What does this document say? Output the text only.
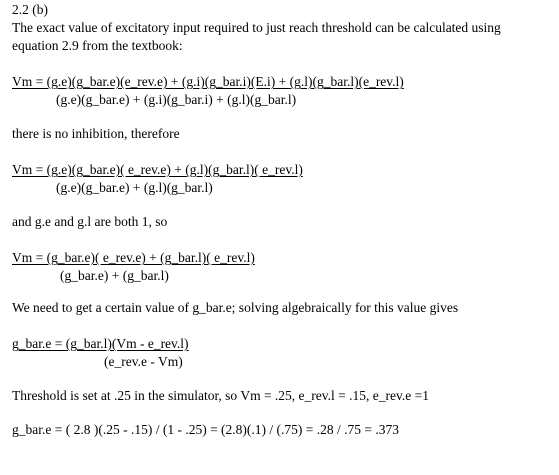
2.2 (b)
The exact value of excitatory input required to just reach threshold can be calculated using
equation 2.9 from the textbook:
Vm = (g.e)(g_bar.e)(e_rev.e) + (g.i)(g_bar.i)(E.i) + (g.l)(g_bar.l)(e_rev.l)
(g.e)(g_bar.e) + (g.i)(g_bar.i) + (g.l)(g_bar.l)
there is no inhibition, therefore
Vm = (g.e)(g_bar.e)( e_rev.e) + (g.l)(g_bar.l)( e_rev.l)
(g.e)(g_bar.e) + (g.l)(g_bar.l)
and g.e and g.l are both 1, so
Vm = (g_bar.e)( e_rev.e) + (g_bar.l)( e_rev.l)
(g_bar.e) + (g_bar.l)
We need to get a certain value of g_bar.e; solving algebraically for this value gives
g_bar.e = (g_bar.l)(Vm - e_rev.l)
(e_rev.e - Vm)
Threshold is set at .25 in the simulator, so Vm = .25, e_rev.l = .15, e_rev.e =1
g_bar.e = ( 2.8 )(.25 - .15) / (1 - .25) = (2.8)(.1) / (.75) = .28 / .75 = .373
